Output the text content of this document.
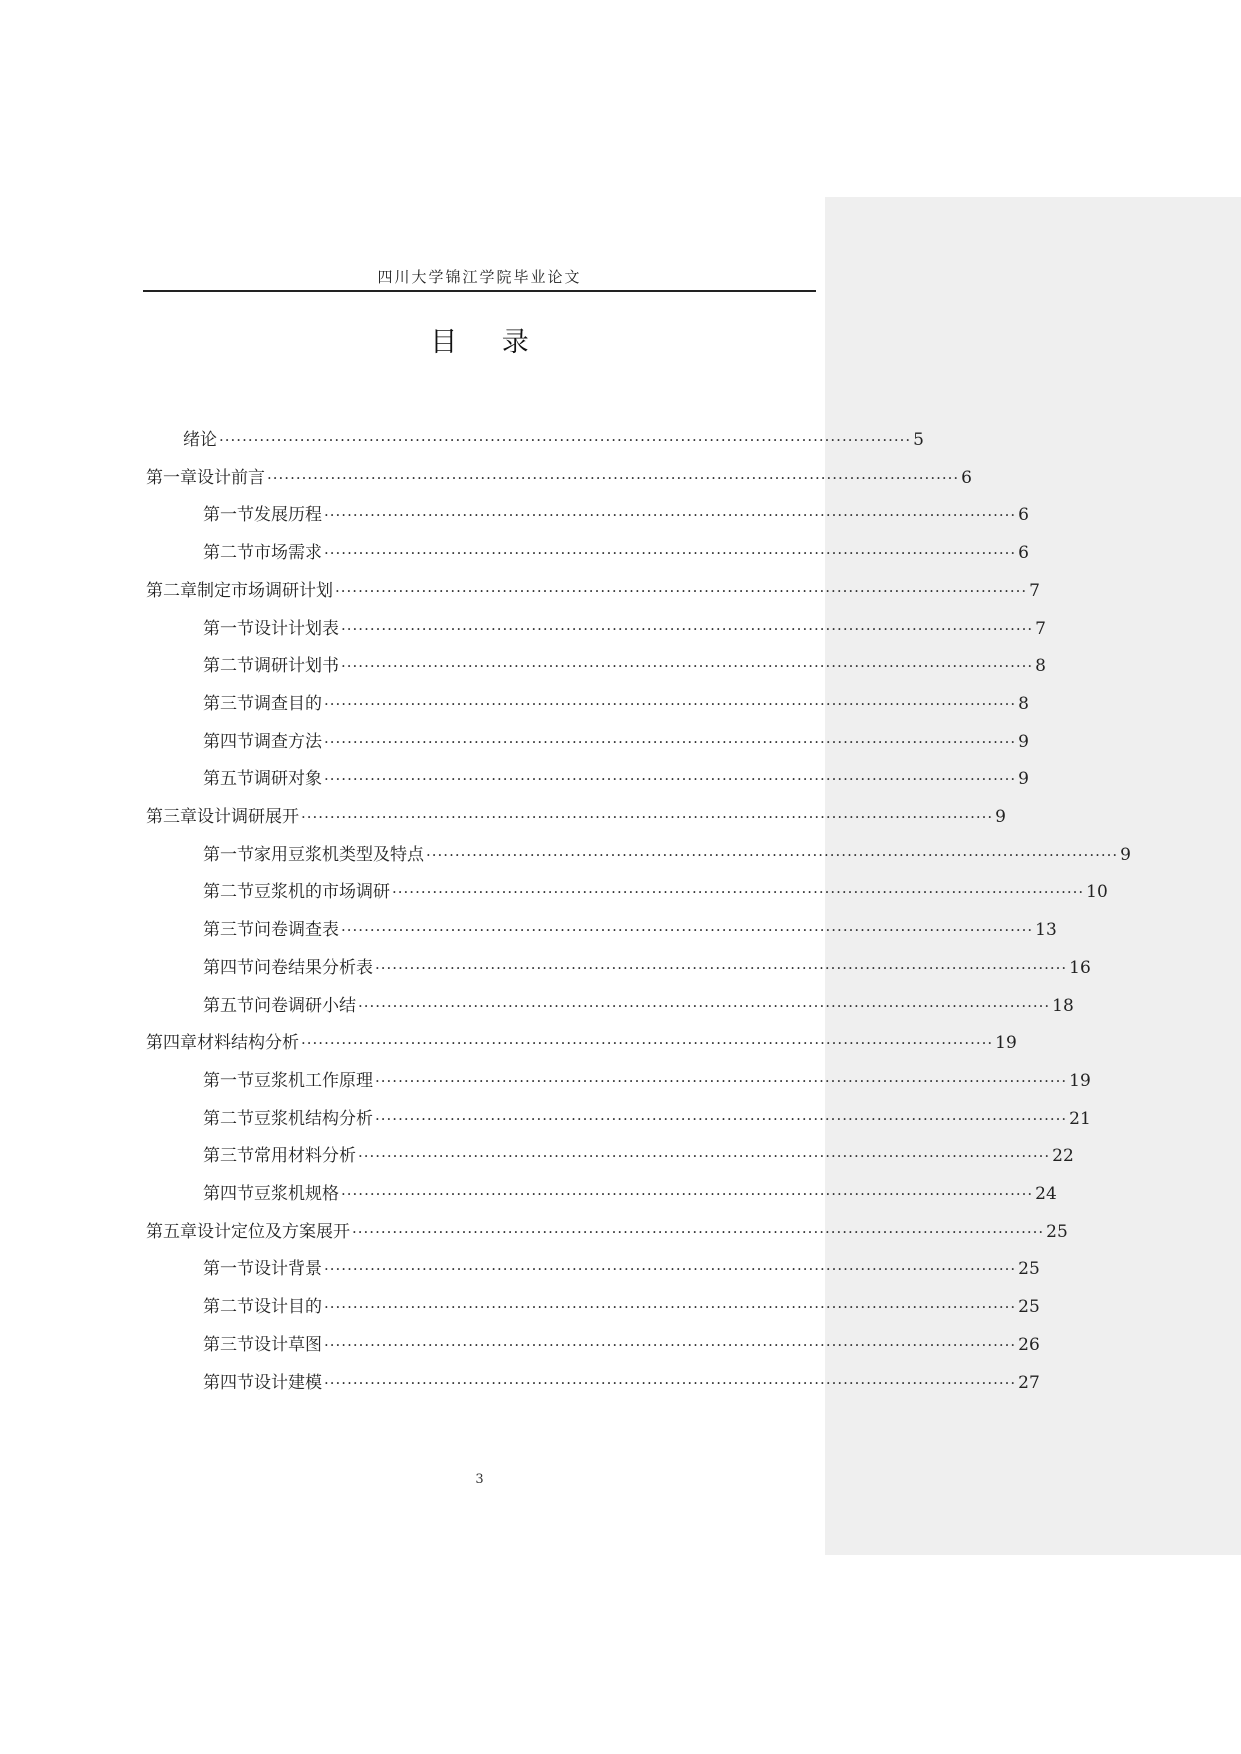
四川大学锦江学院毕业论文
目 录
绪论 ························································································································ 5
第一章 设计前言 ························································································································ 6
第一节 发展历程 ························································································································ 6
第二节 市场需求 ························································································································ 6
第二章 制定市场调研计划 ························································································································ 7
第一节 设计计划表 ························································································································ 7
第二节 调研计划书 ························································································································ 8
第三节 调查目的 ························································································································ 8
第四节 调查方法 ························································································································ 9
第五节 调研对象 ························································································································ 9
第三章 设计调研展开 ························································································································ 9
第一节 家用豆浆机类型及特点 ························································································································ 9
第二节 豆浆机的市场调研 ························································································································ 10
第三节 问卷调查表 ························································································································ 13
第四节 问卷结果分析表 ························································································································ 16
第五节 问卷调研小结 ························································································································ 18
第四章 材料结构分析 ························································································································ 19
第一节 豆浆机工作原理 ························································································································ 19
第二节 豆浆机结构分析 ························································································································ 21
第三节 常用材料分析 ························································································································ 22
第四节 豆浆机规格 ························································································································ 24
第五章 设计定位及方案展开 ························································································································ 25
第一节 设计背景 ························································································································ 25
第二节 设计目的 ························································································································ 25
第三节 设计草图 ························································································································ 26
第四节 设计建模 ························································································································ 27
3
